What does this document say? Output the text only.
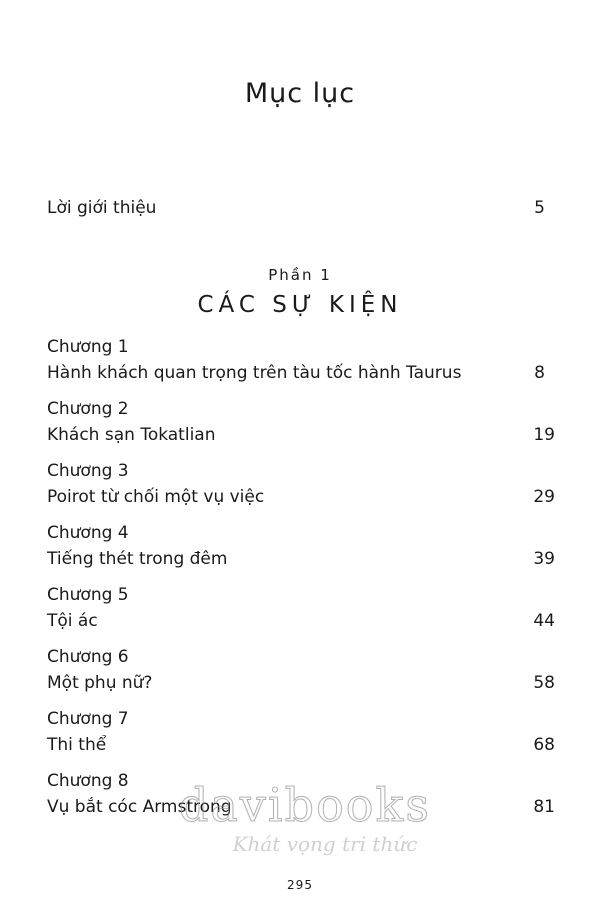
Mục lục
Lời giới thiệu	5
Phần 1
CÁC SỰ KIỆN
Chương 1
Hành khách quan trọng trên tàu tốc hành Taurus	8
Chương 2
Khách sạn Tokatlian	19
Chương 3
Poirot từ chối một vụ việc	29
Chương 4
Tiếng thét trong đêm	39
Chương 5
Tội ác	44
Chương 6
Một phụ nữ?	58
Chương 7
Thi thể	68
Chương 8
Vụ bắt cóc Armstrong	81
davibooks
Khát vọng tri thức
295
